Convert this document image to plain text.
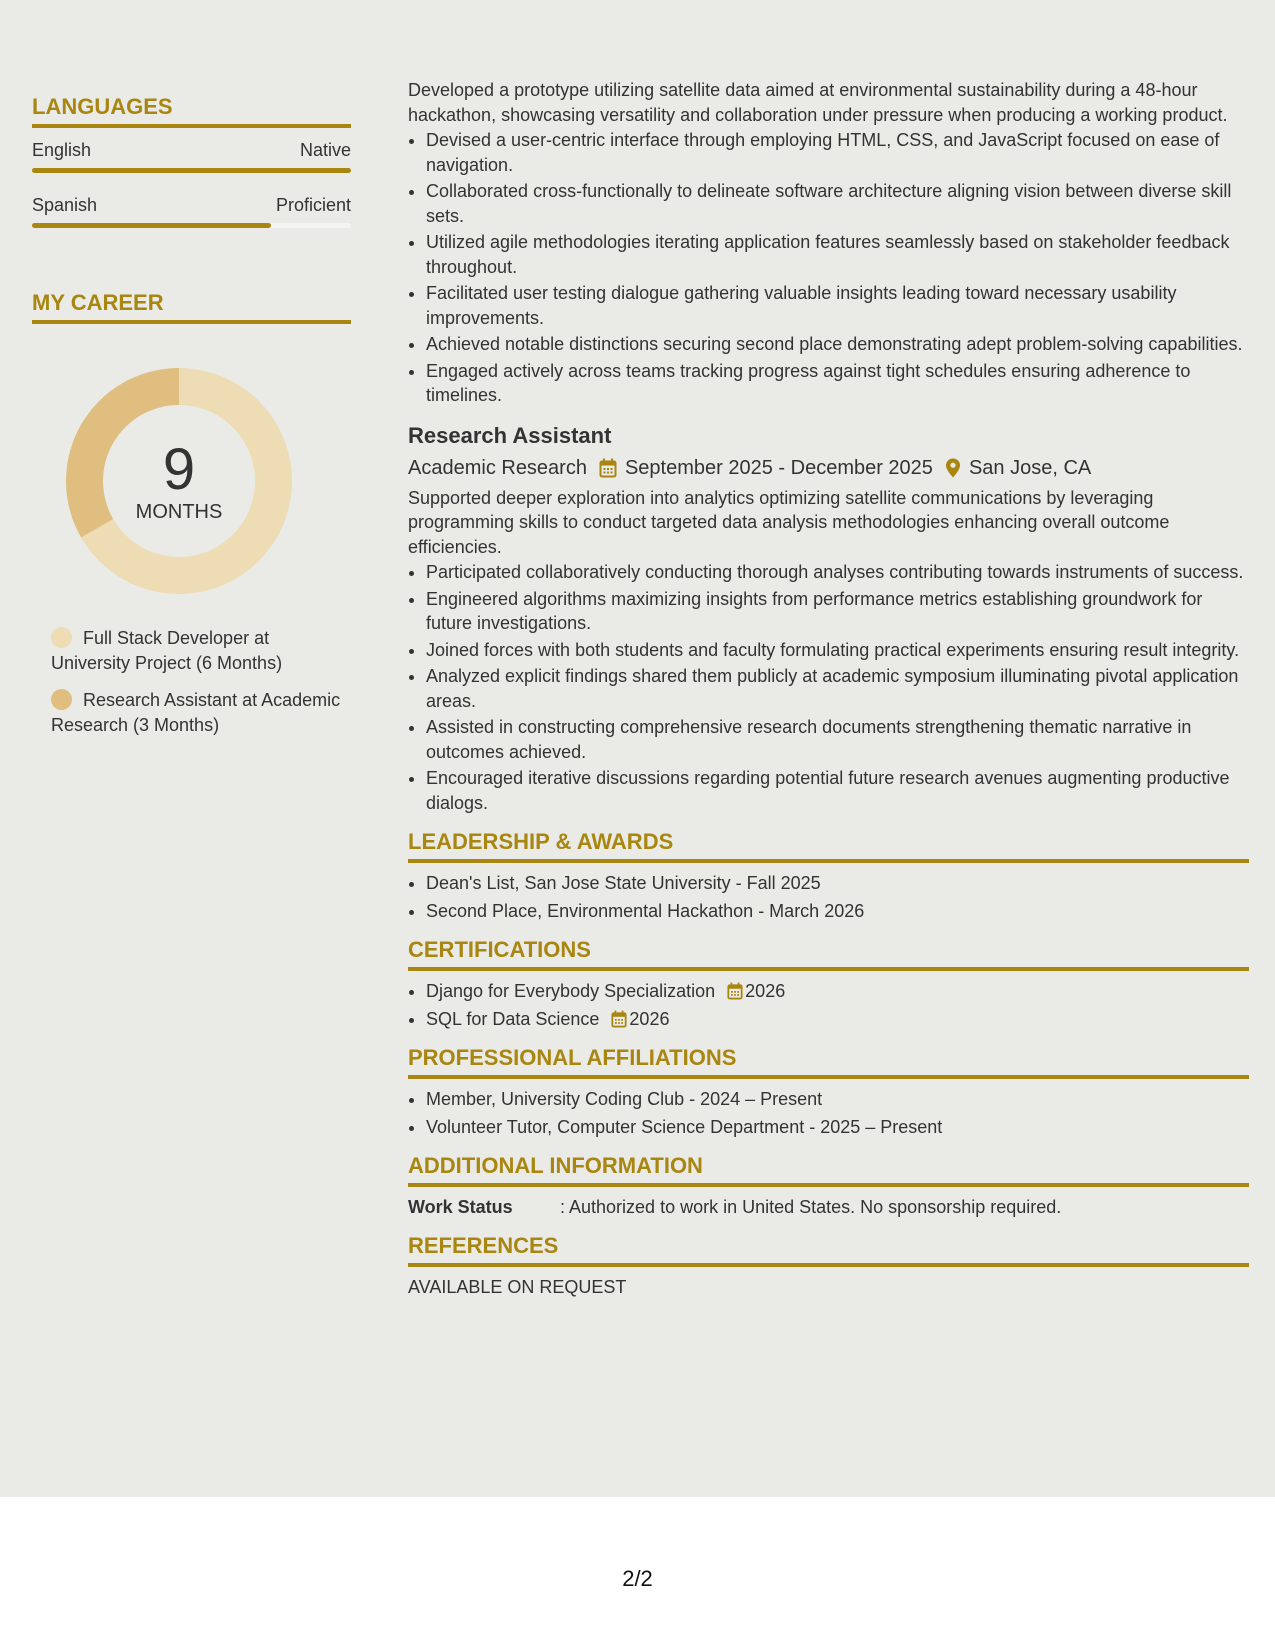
LANGUAGES
English	Native
Spanish	Proficient
MY CAREER
9
MONTHS
Full Stack Developer at University Project (6 Months)
Research Assistant at Academic Research (3 Months)

Developed a prototype utilizing satellite data aimed at environmental sustainability during a 48-hour hackathon, showcasing versatility and collaboration under pressure when producing a working product.

• Devised a user-centric interface through employing HTML, CSS, and JavaScript focused on ease of navigation.
• Collaborated cross-functionally to delineate software architecture aligning vision between diverse skill sets.
• Utilized agile methodologies iterating application features seamlessly based on stakeholder feedback throughout.
• Facilitated user testing dialogue gathering valuable insights leading toward necessary usability improvements.
• Achieved notable distinctions securing second place demonstrating adept problem-solving capabilities.
• Engaged actively across teams tracking progress against tight schedules ensuring adherence to timelines.
Research Assistant
Academic Research September 2025 - December 2025 San Jose, CA

Supported deeper exploration into analytics optimizing satellite communications by leveraging programming skills to conduct targeted data analysis methodologies enhancing overall outcome efficiencies.

• Participated collaboratively conducting thorough analyses contributing towards instruments of success.
• Engineered algorithms maximizing insights from performance metrics establishing groundwork for future investigations.
• Joined forces with both students and faculty formulating practical experiments ensuring result integrity.
• Analyzed explicit findings shared them publicly at academic symposium illuminating pivotal application areas.
• Assisted in constructing comprehensive research documents strengthening thematic narrative in outcomes achieved.
• Encouraged iterative discussions regarding potential future research avenues augmenting productive dialogs.
LEADERSHIP & AWARDS
• Dean's List, San Jose State University - Fall 2025
• Second Place, Environmental Hackathon - March 2026
CERTIFICATIONS
• Django for Everybody Specialization 2026
• SQL for Data Science 2026
PROFESSIONAL AFFILIATIONS
• Member, University Coding Club - 2024 – Present
• Volunteer Tutor, Computer Science Department - 2025 – Present
ADDITIONAL INFORMATION
Work Status	: Authorized to work in United States. No sponsorship required.
REFERENCES
AVAILABLE ON REQUEST
2/2
